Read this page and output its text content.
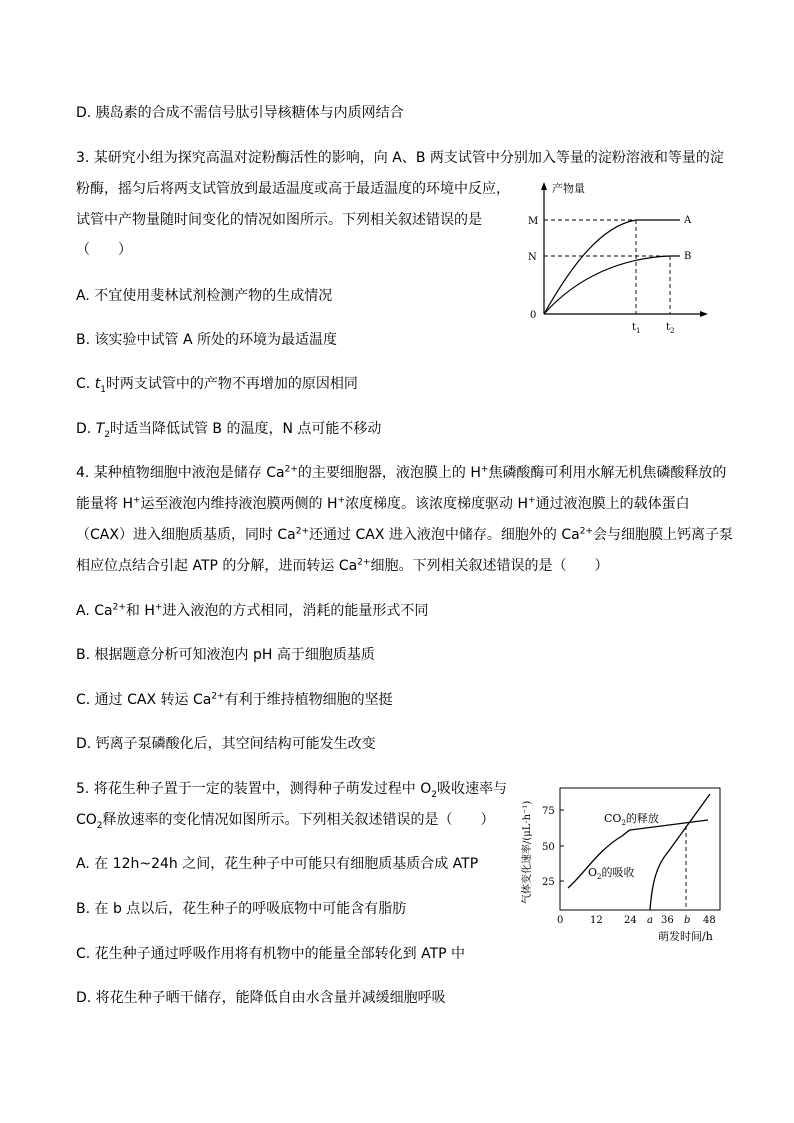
D. 胰岛素的合成不需信号肽引导核糖体与内质网结合
3. 某研究小组为探究高温对淀粉酶活性的影响，向 A、B 两支试管中分别加入等量的淀粉溶液和等量的淀
粉酶，摇匀后将两支试管放到最适温度或高于最适温度的环境中反应，
试管中产物量随时间变化的情况如图所示。下列相关叙述错误的是
（　　）
A. 不宜使用斐林试剂检测产物的生成情况
B. 该实验中试管 A 所处的环境为最适温度
C. $t_1$时两支试管中的产物不再增加的原因相同
D. $T_2$时适当降低试管 B 的温度，N 点可能不移动
产物量
M
N
0
A
B
$t_1$	$t_2$
4. 某种植物细胞中液泡是储存 $Ca^{2+}$的主要细胞器，液泡膜上的 H+焦磷酸酶可利用水解无机焦磷酸释放的
能量将 H+运至液泡内维持液泡膜两侧的 H+浓度梯度。该浓度梯度驱动 H+通过液泡膜上的载体蛋白
（CAX）进入细胞质基质，同时 $Ca^{2+}$还通过 CAX 进入液泡中储存。细胞外的 $Ca^{2+}$会与细胞膜上钙离子泵
相应位点结合引起 ATP 的分解，进而转运 $Ca^{2+}$细胞。下列相关叙述错误的是（　　）
A. $Ca^{2+}$和 H+进入液泡的方式相同，消耗的能量形式不同
B. 根据题意分析可知液泡内 pH 高于细胞质基质
C. 通过 CAX 转运 $Ca^{2+}$有利于维持植物细胞的坚挺
D. 钙离子泵磷酸化后，其空间结构可能发生改变
5. 将花生种子置于一定的装置中，测得种子萌发过程中 $O_2$吸收速率与
$CO_2$释放速率的变化情况如图所示。下列相关叙述错误的是（　　）
A. 在 12h~24h 之间，花生种子中可能只有细胞质基质合成 ATP
B. 在 b 点以后，花生种子的呼吸底物中可能含有脂肪
C. 花生种子通过呼吸作用将有机物中的能量全部转化到 ATP 中
D. 将花生种子晒干储存，能降低自由水含量并减缓细胞呼吸
75
50
25
0	12 24 a 36 b 48
$CO_2$的释放
$O_2$的吸收
萌发时间/h
气体变化速率/(μL·h⁻¹)
